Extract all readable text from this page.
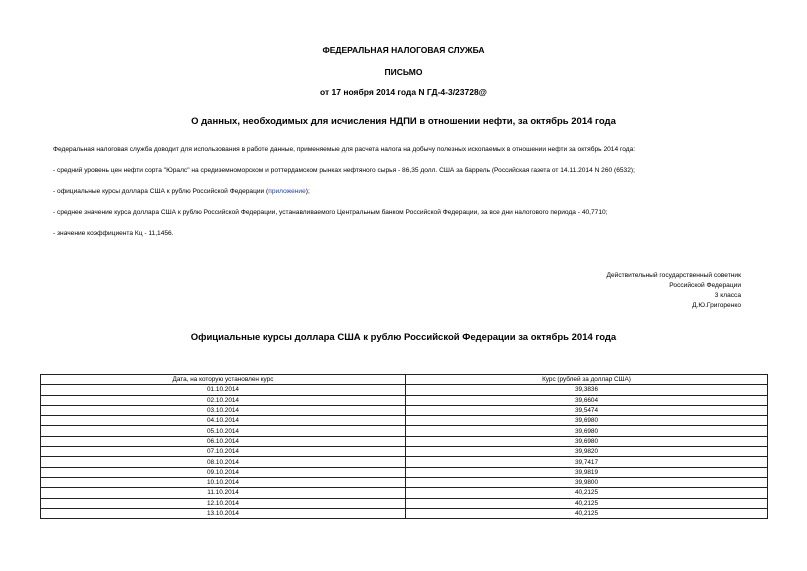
ФЕДЕРАЛЬНАЯ НАЛОГОВАЯ СЛУЖБА
ПИСЬМО
от 17 ноября 2014 года N ГД-4-3/23728@
О данных, необходимых для исчисления НДПИ в отношении нефти, за октябрь 2014 года
Федеральная налоговая служба доводит для использования в работе данные, применяемые для расчета налога на добычу полезных ископаемых в отношении нефти за октябрь 2014 года:
- средний уровень цен нефти сорта "Юралс" на средиземноморском и роттердамском рынках нефтяного сырья - 86,35 долл. США за баррель (Российская газета от 14.11.2014 N 260 (6532);
- официальные курсы доллара США к рублю Российской Федерации (приложение);
- среднее значение курса доллара США к рублю Российской Федерации, устанавливаемого Центральным банком Российской Федерации, за все дни налогового периода - 40,7710;
- значение коэффициента Кц - 11,1456.
Действительный государственный советник
Российской Федерации
3 класса
Д.Ю.Григоренко
Официальные курсы доллара США к рублю Российской Федерации за октябрь 2014 года
Дата, на которую установлен курс	Курс (рублей за доллар США)
01.10.2014	39,3836
02.10.2014	39,6604
03.10.2014	39,5474
04.10.2014	39,6980
05.10.2014	39,6980
06.10.2014	39,6980
07.10.2014	39,9820
08.10.2014	39,7417
09.10.2014	39,9819
10.10.2014	39,9800
11.10.2014	40,2125
12.10.2014	40,2125
13.10.2014	40,2125
